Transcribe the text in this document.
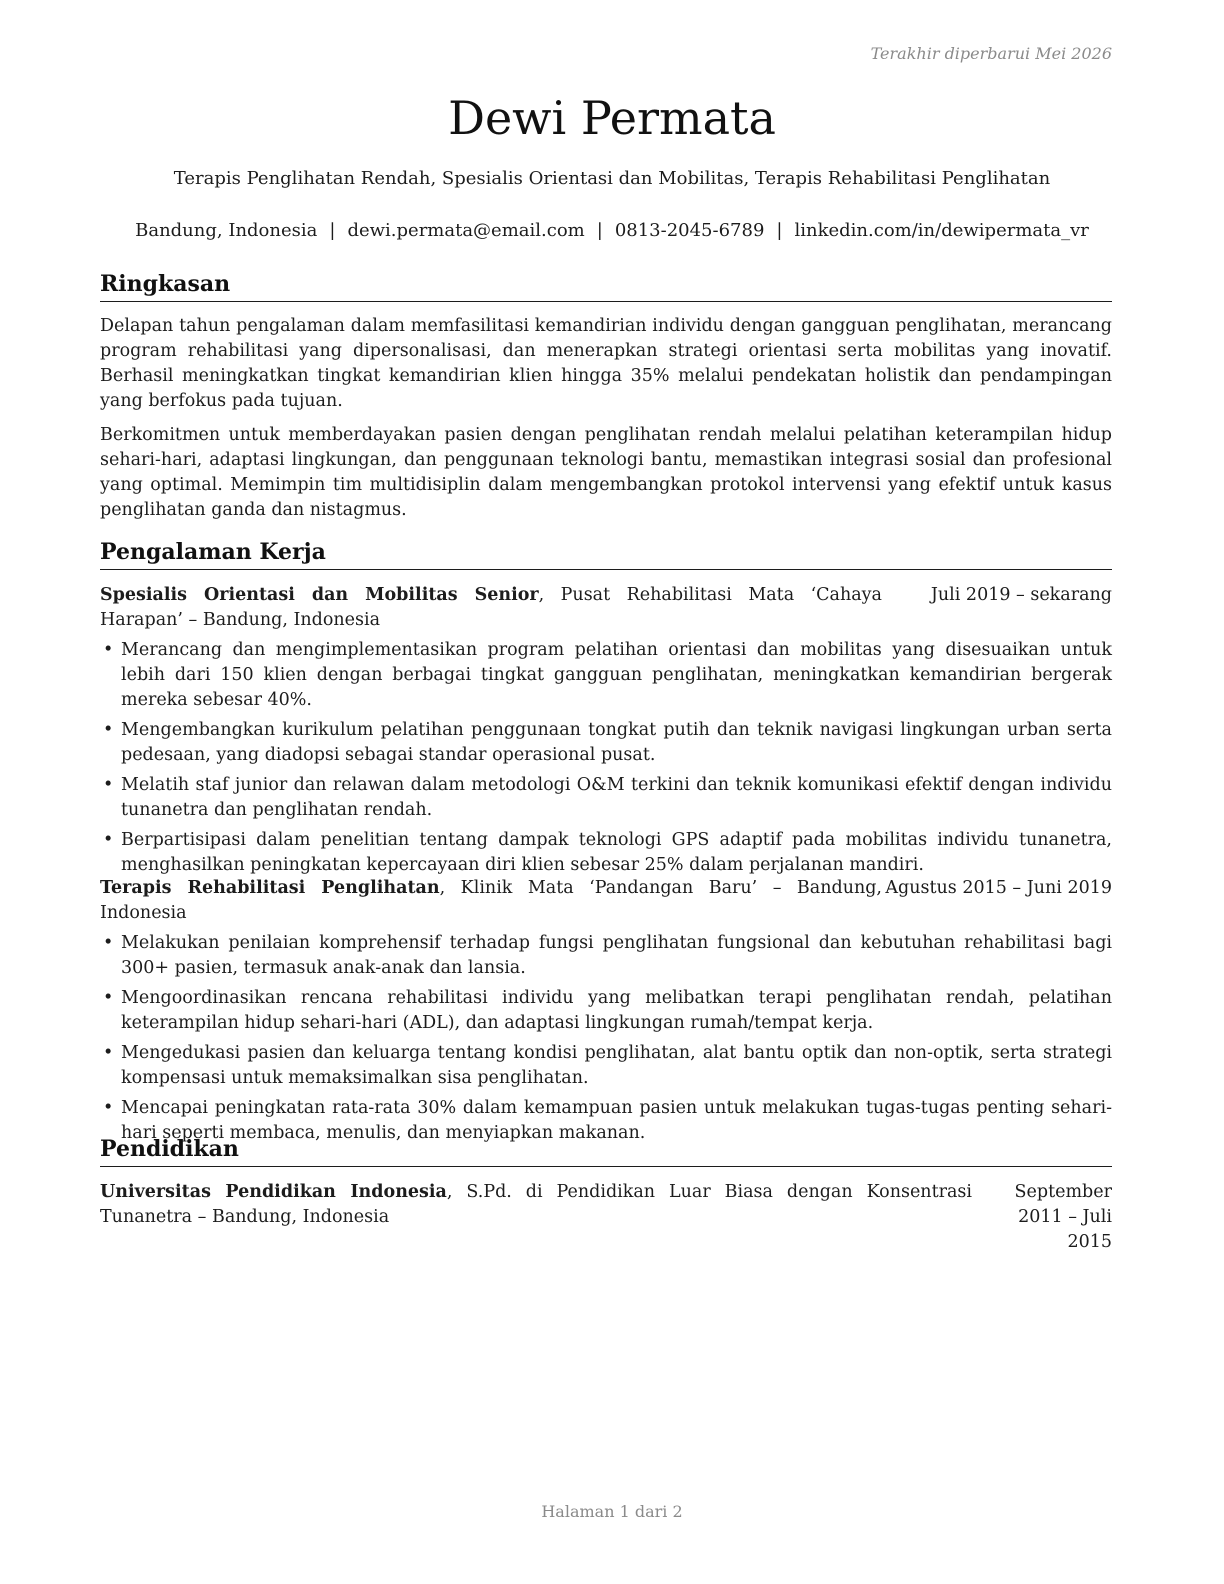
Terakhir diperbarui Mei 2026
Dewi Permata
Terapis Penglihatan Rendah, Spesialis Orientasi dan Mobilitas, Terapis Rehabilitasi Penglihatan
Bandung, Indonesia | dewi.permata@email.com | 0813-2045-6789 | linkedin.com/in/dewipermata_vr
Ringkasan

Delapan tahun pengalaman dalam memfasilitasi kemandirian individu dengan gangguan penglihatan, merancang program rehabilitasi yang dipersonalisasi, dan menerapkan strategi orientasi serta mobilitas yang inovatif. Berhasil meningkatkan tingkat kemandirian klien hingga 35% melalui pendekatan holistik dan pendampingan yang berfokus pada tujuan.

Berkomitmen untuk memberdayakan pasien dengan penglihatan rendah melalui pelatihan keterampilan hidup sehari-hari, adaptasi lingkungan, dan penggunaan teknologi bantu, memastikan integrasi sosial dan profesional yang optimal. Memimpin tim multidisiplin dalam mengembangkan protokol intervensi yang efektif untuk kasus penglihatan ganda dan nistagmus.

Pengalaman Kerja
Spesialis Orientasi dan Mobilitas Senior, Pusat Rehabilitasi Mata ‘Cahaya Harapan’ – Bandung, Indonesia
Juli 2019 – sekarang
• Merancang dan mengimplementasikan program pelatihan orientasi dan mobilitas yang disesuaikan untuk lebih dari 150 klien dengan berbagai tingkat gangguan penglihatan, meningkatkan kemandirian bergerak mereka sebesar 40%.
• Mengembangkan kurikulum pelatihan penggunaan tongkat putih dan teknik navigasi lingkungan urban serta pedesaan, yang diadopsi sebagai standar operasional pusat.
• Melatih staf junior dan relawan dalam metodologi O&M terkini dan teknik komunikasi efektif dengan individu tunanetra dan penglihatan rendah.
• Berpartisipasi dalam penelitian tentang dampak teknologi GPS adaptif pada mobilitas individu tunanetra, menghasilkan peningkatan kepercayaan diri klien sebesar 25% dalam perjalanan mandiri.
Terapis Rehabilitasi Penglihatan, Klinik Mata ‘Pandangan Baru’ – Bandung, Indonesia
Agustus 2015 – Juni 2019
• Melakukan penilaian komprehensif terhadap fungsi penglihatan fungsional dan kebutuhan rehabilitasi bagi 300+ pasien, termasuk anak-anak dan lansia.
• Mengoordinasikan rencana rehabilitasi individu yang melibatkan terapi penglihatan rendah, pelatihan keterampilan hidup sehari-hari (ADL), dan adaptasi lingkungan rumah/tempat kerja.
• Mengedukasi pasien dan keluarga tentang kondisi penglihatan, alat bantu optik dan non-optik, serta strategi kompensasi untuk memaksimalkan sisa penglihatan.
• Mencapai peningkatan rata-rata 30% dalam kemampuan pasien untuk melakukan tugas-tugas penting sehari-hari seperti membaca, menulis, dan menyiapkan makanan.
Pendidikan
Universitas Pendidikan Indonesia, S.Pd. di Pendidikan Luar Biasa dengan Konsentrasi Tunanetra – Bandung, Indonesia
September 2011 – Juli 2015
Halaman 1 dari 2
